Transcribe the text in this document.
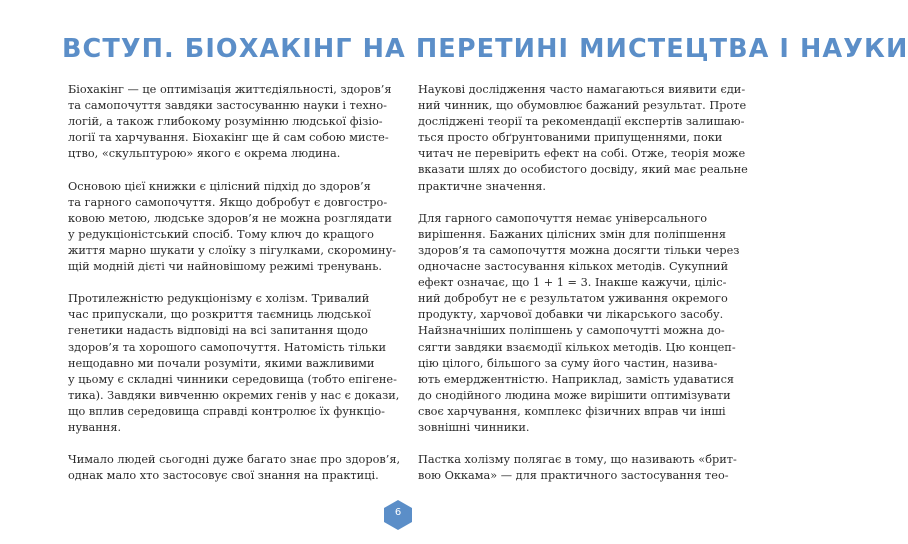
ВСТУП. БІОХАКІНГ НА ПЕРЕТИНІ МИСТЕЦТВА І НАУКИ

Біохакінг — це оптимізація життєдіяльності, здоров’я
та самопочуття завдяки застосуванню науки і техно-
логій, а також глибокому розумінню людської фізіо-
логії та харчування. Біохакінг ще й сам собою мисте-
цтво, «скульптурою» якого є окрема людина.

Основою цієї книжки є цілісний підхід до здоров’я
та гарного самопочуття. Якщо добробут є довгостро-
ковою метою, людське здоров’я не можна розглядати
у редукціоністський спосіб. Тому ключ до кращого
життя марно шукати у слоїку з пігулками, скоромину-
щій модній дієті чи найновішому режимі тренувань.

Протилежністю редукціонізму є холізм. Тривалий
час припускали, що розкриття таємниць людської
генетики надасть відповіді на всі запитання щодо
здоров’я та хорошого самопочуття. Натомість тільки
нещодавно ми почали розуміти, якими важливими
у цьому є складні чинники середовища (тобто епігене-
тика). Завдяки вивченню окремих генів у нас є докази,
що вплив середовища справді контролює їх функціо-
нування.

Чимало людей сьогодні дуже багато знає про здоров’я,
однак мало хто застосовує свої знання на практиці.

Наукові дослідження часто намагаються виявити єди-
ний чинник, що обумовлює бажаний результат. Проте
досліджені теорії та рекомендації експертів залишаю-
ться просто обґрунтованими припущеннями, поки
читач не перевірить ефект на собі. Отже, теорія може
вказати шлях до особистого досвіду, який має реальне
практичне значення.

Для гарного самопочуття немає універсального
вирішення. Бажаних цілісних змін для поліпшення
здоров’я та самопочуття можна досягти тільки через
одночасне застосування кількох методів. Сукупний
ефект означає, що 1 + 1 = 3. Інакше кажучи, ціліс-
ний добробут не є результатом уживання окремого
продукту, харчової добавки чи лікарського засобу.
Найзначніших поліпшень у самопочутті можна до-
сягти завдяки взаємодії кількох методів. Цю концеп-
цію цілого, більшого за суму його частин, назива-
ють емерджентністю. Наприклад, замість удаватися
до снодійного людина може вирішити оптимізувати
своє харчування, комплекс фізичних вправ чи інші
зовнішні чинники.

Пастка холізму полягає в тому, що називають «брит-
вою Оккама» — для практичного застосування тео-

6
